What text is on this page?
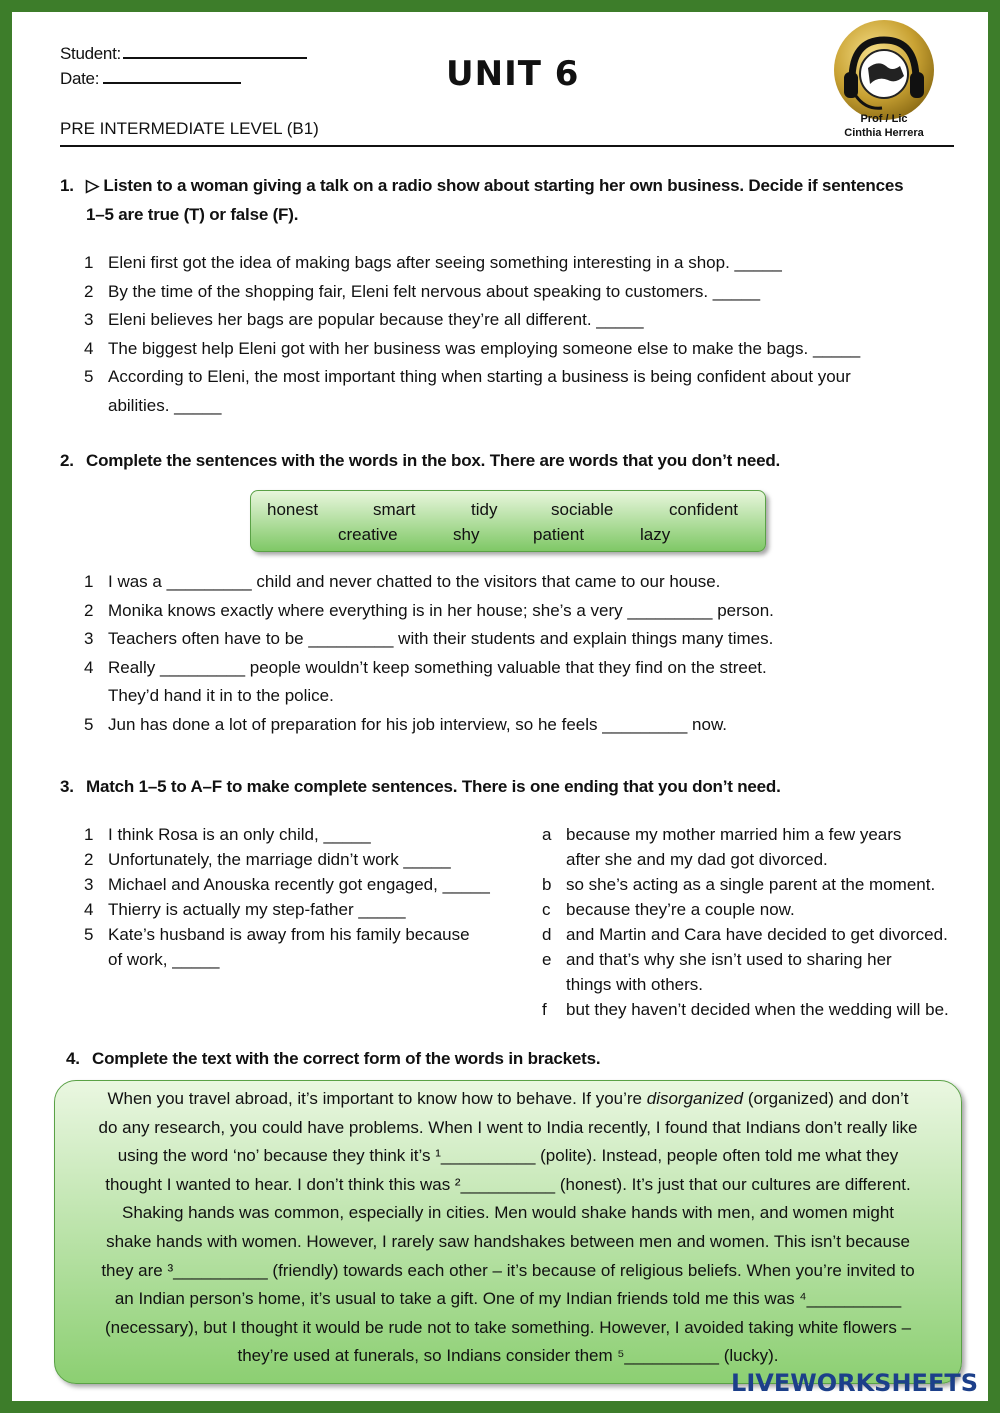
Student:
Date:	UNIT 6
PRE INTERMEDIATE LEVEL (B1)	Prof / Lic
Cinthia Herrera
1. ▷ Listen to a woman giving a talk on a radio show about starting her own business. Decide if sentences
1–5 are true (T) or false (F).
1 Eleni first got the idea of making bags after seeing something interesting in a shop. _____
2 By the time of the shopping fair, Eleni felt nervous about speaking to customers. _____
3 Eleni believes her bags are popular because they’re all different. _____
4 The biggest help Eleni got with her business was employing someone else to make the bags. _____
5 According to Eleni, the most important thing when starting a business is being confident about your
abilities. _____
2. Complete the sentences with the words in the box. There are words that you don’t need.
honest	smart	tidy	sociable	confident
creative	shy	patient	lazy
1 I was a _________ child and never chatted to the visitors that came to our house.
2 Monika knows exactly where everything is in her house; she’s a very _________ person.
3 Teachers often have to be _________ with their students and explain things many times.
4 Really _________ people wouldn’t keep something valuable that they find on the street.
They’d hand it in to the police.
5 Jun has done a lot of preparation for his job interview, so he feels _________ now.
3. Match 1–5 to A–F to make complete sentences. There is one ending that you don’t need.
1 I think Rosa is an only child, _____
2 Unfortunately, the marriage didn’t work _____
3 Michael and Anouska recently got engaged, _____
4 Thierry is actually my step-father _____
5 Kate’s husband is away from his family because
of work, _____
a because my mother married him a few years
after she and my dad got divorced.
b so she’s acting as a single parent at the moment.
c because they’re a couple now.
d and Martin and Cara have decided to get divorced.
e and that’s why she isn’t used to sharing her
things with others.
f	but they haven’t decided when the wedding will be.
4. Complete the text with the correct form of the words in brackets.

When you travel abroad, it’s important to know how to behave. If you’re disorganized (organized) and don’t
do any research, you could have problems. When I went to India recently, I found that Indians don’t really like
using the word ‘no’ because they think it’s ¹__________ (polite). Instead, people often told me what they
thought I wanted to hear. I don’t think this was ²__________ (honest). It’s just that our cultures are different.
Shaking hands was common, especially in cities. Men would shake hands with men, and women might
shake hands with women. However, I rarely saw handshakes between men and women. This isn’t because
they are ³__________ (friendly) towards each other – it’s because of religious beliefs. When you’re invited to
an Indian person’s home, it’s usual to take a gift. One of my Indian friends told me this was ⁴__________
(necessary), but I thought it would be rude not to take something. However, I avoided taking white flowers –
they’re used at funerals, so Indians consider them ⁵__________ (lucky).

LIVEWORKSHEETS
